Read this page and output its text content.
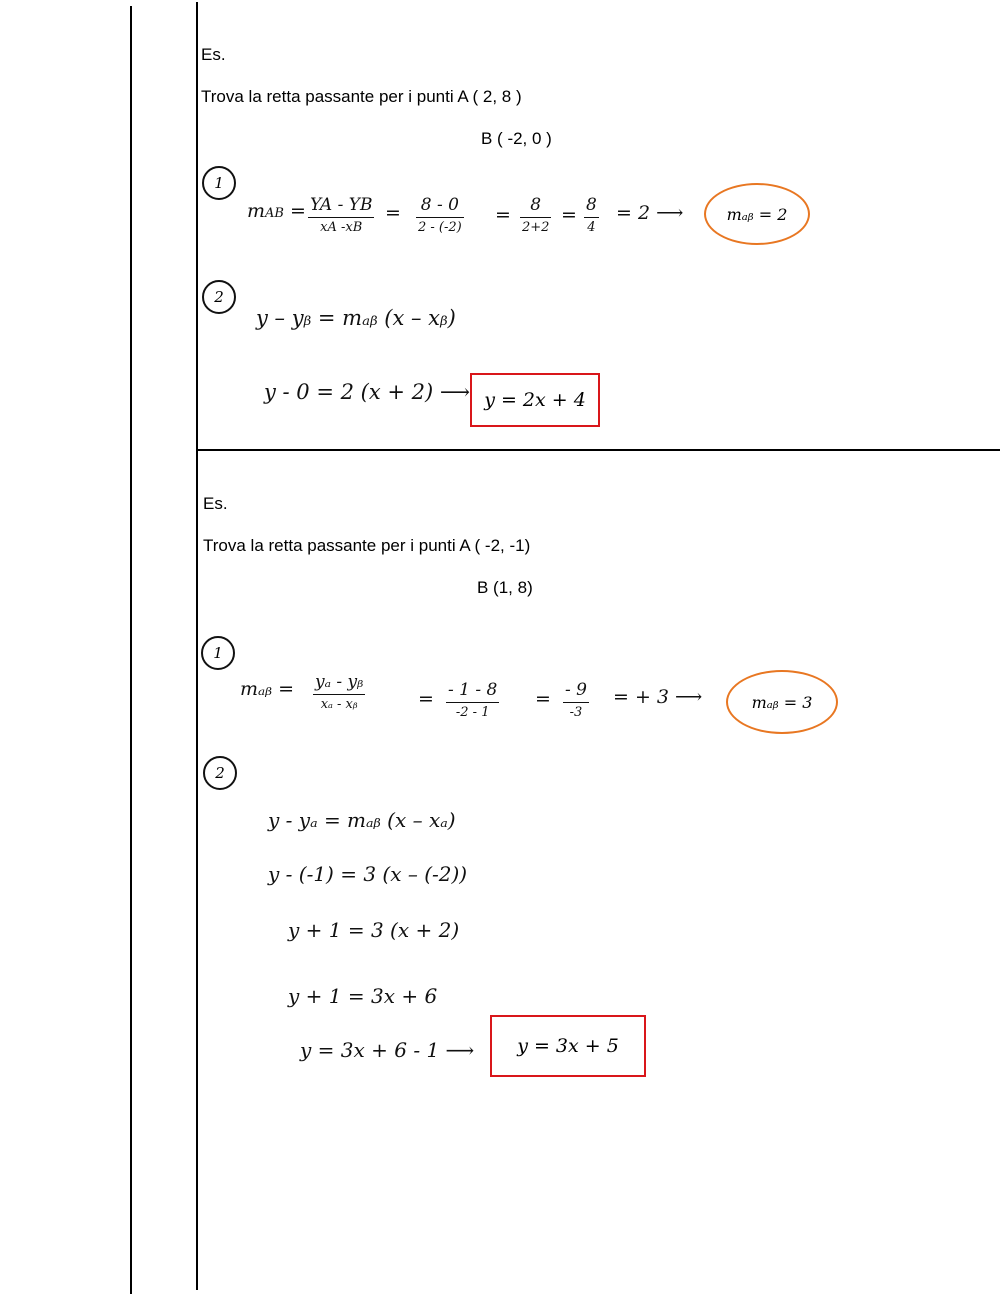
Es.
Trova la retta passante per i punti A ( 2, 8 )
B ( -2, 0 )
1
mAB = YA - YB
xA -xB
= 8 - 0
2 - (-2)
= 8
2+2
= 8
4
= 2 ⟶	mₐᵦ = 2
2
y – yᵦ = mₐᵦ (x – xᵦ)
y - 0 = 2 (x + 2) ⟶ y = 2x + 4
Es.
Trova la retta passante per i punti A ( -2, -1)
B (1, 8)
1
mₐᵦ = yₐ - yᵦ
xₐ - xᵦ	= - 1 - 8
-2 - 1
= - 9
-3
= + 3 ⟶	mₐᵦ = 3
2
y - yₐ = mₐᵦ (x – xₐ)
y - (-1) = 3 (x – (-2))
y + 1 = 3 (x + 2)
y + 1 = 3x + 6
y = 3x + 6 - 1 ⟶	y = 3x + 5
